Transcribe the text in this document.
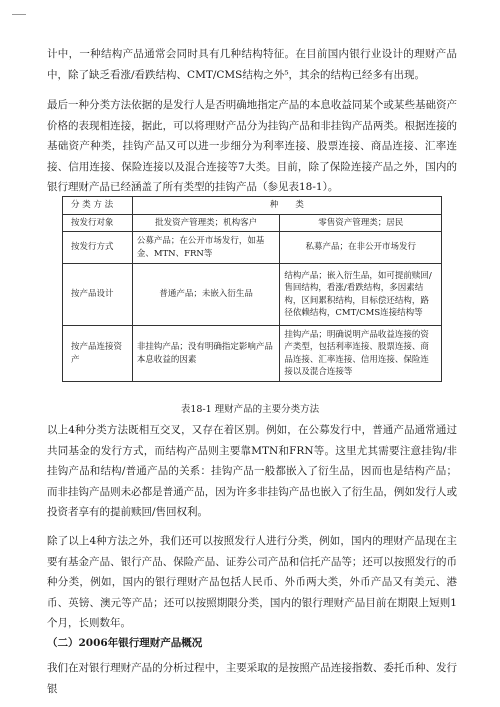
计中，一种结构产品通常会同时具有几种结构特征。在目前国内银行业设计的理财产品中，除了缺乏看涨/看跌结构、CMT/CMS结构之外⁵，其余的结构已经多有出现。

最后一种分类方法依据的是发行人是否明确地指定产品的本息收益同某个或某些基础资产价格的表现相连接，据此，可以将理财产品分为挂钩产品和非挂钩产品两类。根据连接的基础资产种类，挂钩产品又可以进一步细分为利率连接、股票连接、商品连接、汇率连接、信用连接、保险连接以及混合连接等7大类。目前，除了保险连接产品之外，国内的银行理财产品已经涵盖了所有类型的挂钩产品（参见表18-1）。

分 类 方 法	种　　类	
按发行对象	批发资产管理类；机构客户	零售资产管理类；居民
按发行方式	公募产品；在公开市场发行，如基金、MTN、FRN等	私募产品；在非公开市场发行
按产品设计	普通产品；未嵌入衍生品	结构产品；嵌入衍生品，如可提前赎回/售回结构，看涨/看跌结构，多因素结构，区间累积结构，目标偿还结构，路径依赖结构，CMT/CMS连接结构等
按产品连接资产	非挂钩产品；没有明确指定影响产品本息收益的因素	挂钩产品；明确说明产品收益连接的资产类型，包括利率连接、股票连接、商品连接、汇率连接、信用连接、保险连接以及混合连接等
表18-1 理财产品的主要分类方法

以上4种分类方法既相互交叉，又存在着区别。例如，在公募发行中，普通产品通常通过共同基金的发行方式，而结构产品则主要靠MTN和FRN等。这里尤其需要注意挂钩/非挂钩产品和结构/普通产品的关系：挂钩产品一般都嵌入了衍生品，因而也是结构产品；而非挂钩产品则未必都是普通产品，因为许多非挂钩产品也嵌入了衍生品，例如发行人或投资者享有的提前赎回/售回权利。

除了以上4种方法之外，我们还可以按照发行人进行分类，例如，国内的理财产品现在主要有基金产品、银行产品、保险产品、证券公司产品和信托产品等；还可以按照发行的币种分类，例如，国内的银行理财产品包括人民币、外币两大类，外币产品又有美元、港币、英镑、澳元等产品；还可以按照期限分类，国内的银行理财产品目前在期限上短则1个月，长则数年。

（二）2006年银行理财产品概况

我们在对银行理财产品的分析过程中，主要采取的是按照产品连接指数、委托币种、发行银
